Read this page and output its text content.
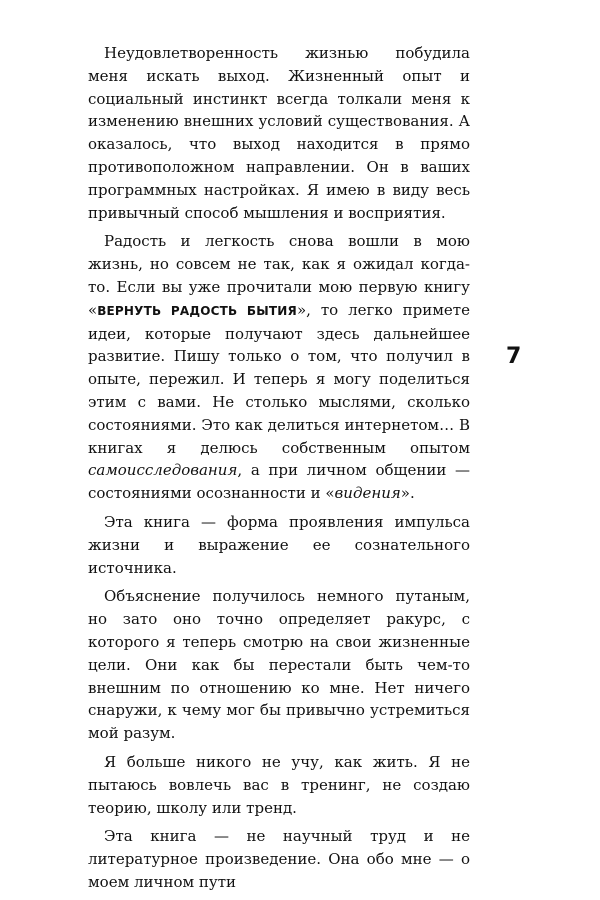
Неудовлетворенность жизнью побудила меня искать выход. Жизненный опыт и социальный инстинкт всегда толкали меня к изменению внешних условий существования. А оказалось, что выход находится в прямо противоположном направлении. Он в ваших программных настройках. Я имею в виду весь привычный способ мышления и восприятия.

Радость и легкость снова вошли в мою жизнь, но совсем не так, как я ожидал когда-то. Если вы уже прочитали мою первую книгу «ВЕРНУТЬ РАДОСТЬ БЫТИЯ», то легко примете идеи, которые получают здесь дальнейшее развитие. Пишу только о том, что получил в опыте, пережил. И теперь я могу поделиться этим с вами. Не столько мыслями, сколько состояниями. Это как делиться интернетом… В книгах я делюсь собственным опытом самоисследования, а при личном общении — состояниями осознанности и «видения».

Эта книга — форма проявления импульса жизни и выражение ее сознательного источника.

Объяснение получилось немного путаным, но зато оно точно определяет ракурс, с которого я теперь смотрю на свои жизненные цели. Они как бы перестали быть чем-то внешним по отношению ко мне. Нет ничего снаружи, к чему мог бы привычно устремиться мой разум.

Я больше никого не учу, как жить. Я не пытаюсь вовлечь вас в тренинг, не создаю теорию, школу или тренд.

Эта книга — не научный труд и не литературное произведение. Она обо мне — о моем личном пути

7
